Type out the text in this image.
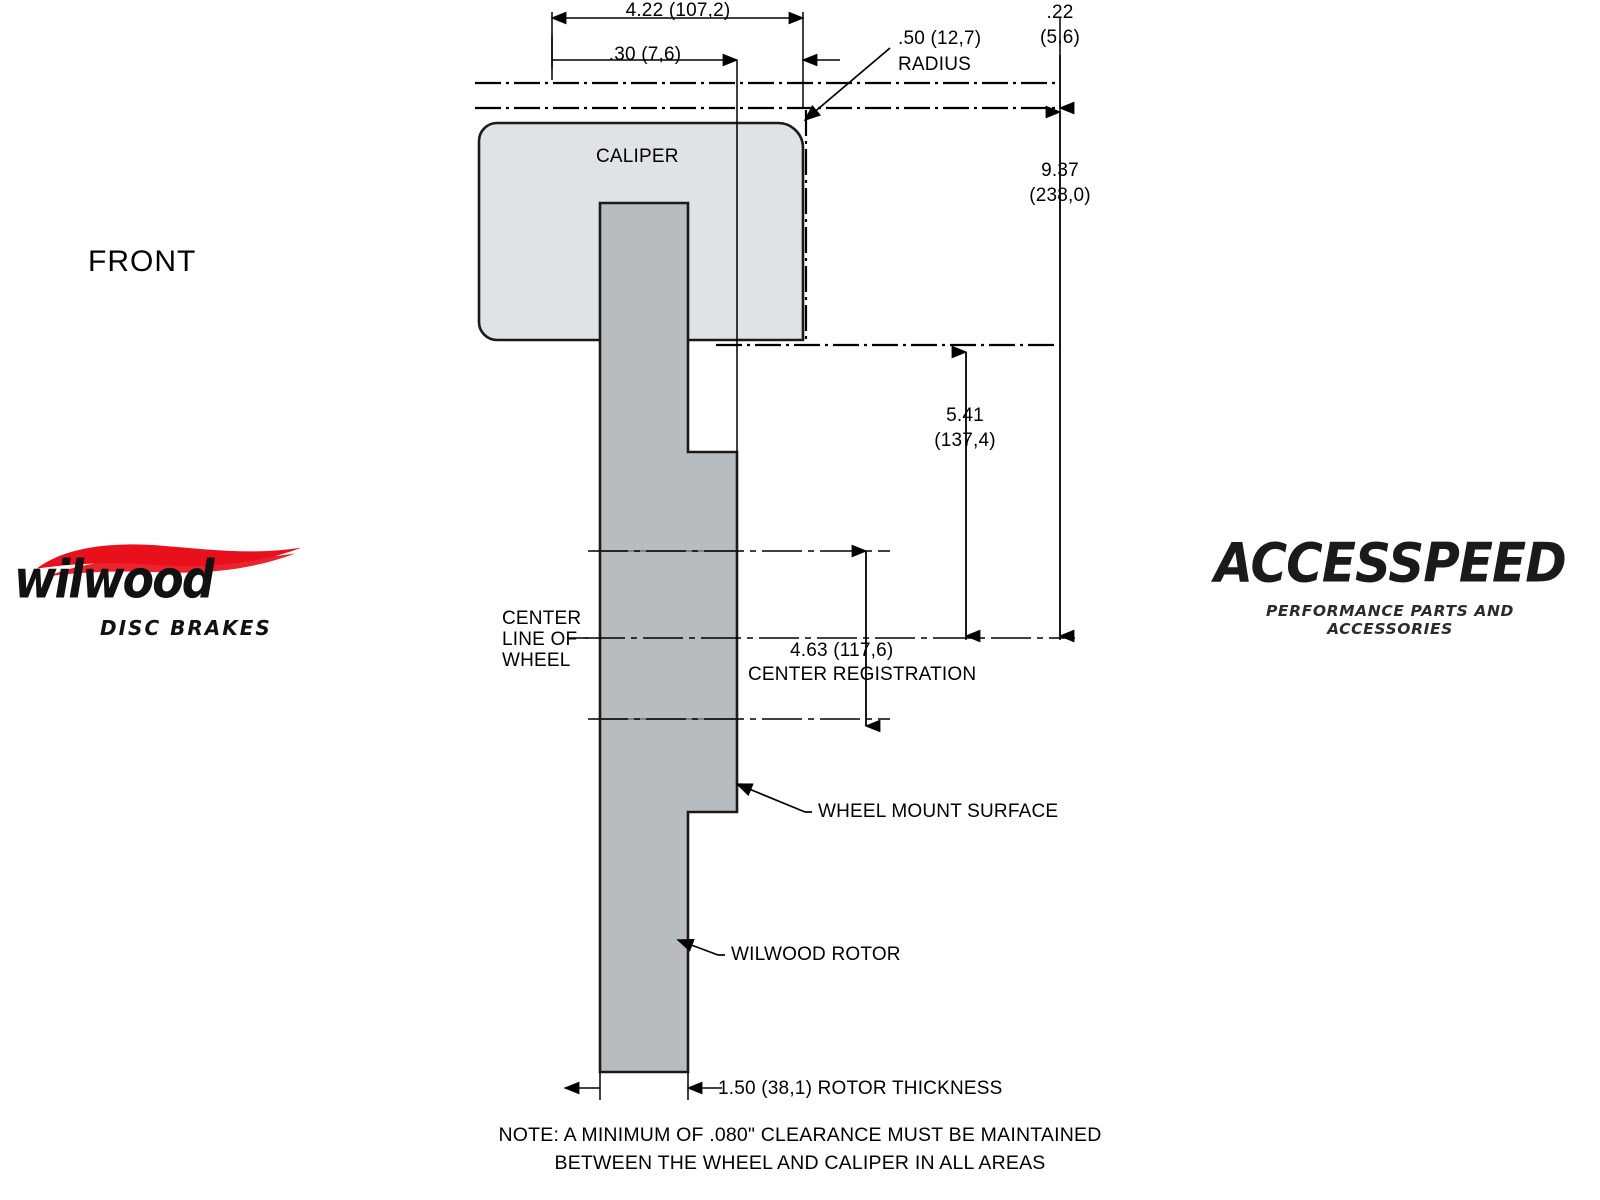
4.22 (107,2)
.30 (7,6)
.50 (12,7)
RADIUS
.22
(5,6)
9.37
(238,0)
5.41
(137,4)
4.63 (117,6)
CENTER REGISTRATION
1.50 (38,1) ROTOR THICKNESS
CALIPER
CENTER
LINE OF
WHEEL
WHEEL MOUNT SURFACE
WILWOOD ROTOR
FRONT
NOTE: A MINIMUM OF .080" CLEARANCE MUST BE MAINTAINED
BETWEEN THE WHEEL AND CALIPER IN ALL AREAS
wilwood
DISC BRAKES
ACCESSPEED
PERFORMANCE PARTS AND ACCESSORIES
